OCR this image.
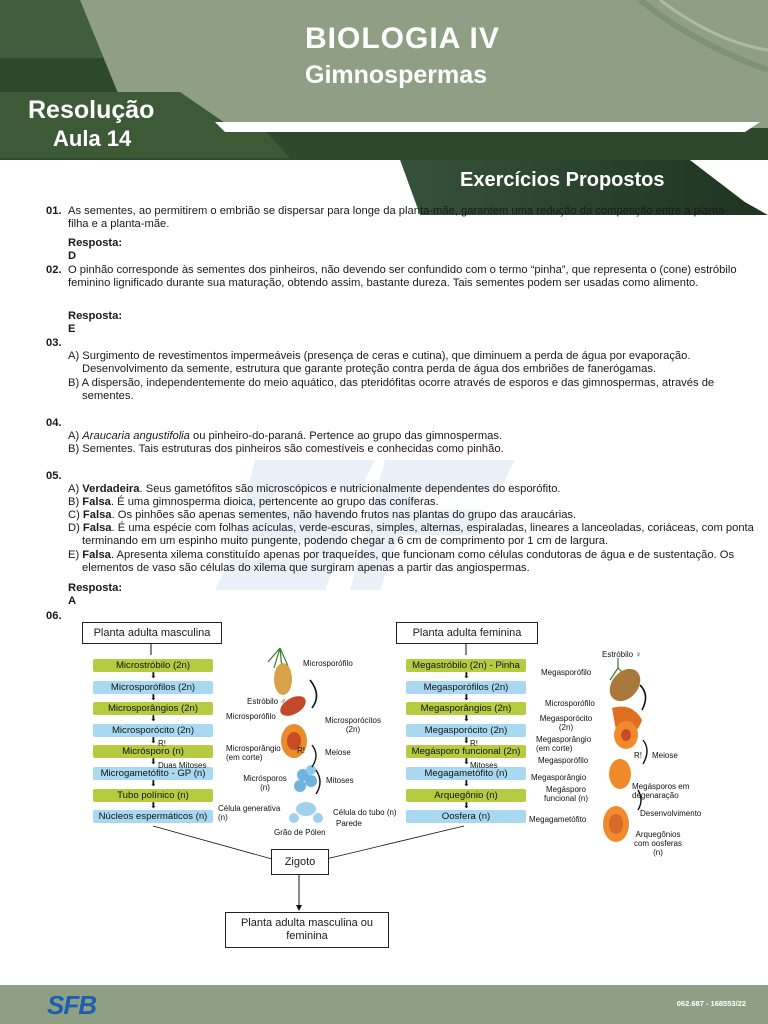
BIOLOGIA IV
Gimnospermas
Resolução
Aula 14
Exercícios Propostos
01. As sementes, ao permitirem o embrião se dispersar para longe da planta-mãe, garantem uma redução da competição entre a planta-filha e a planta-mãe.
Resposta: D
02. O pinhão corresponde às sementes dos pinheiros, não devendo ser confundido com o termo “pinha”, que representa o (cone) estróbilo feminino lignificado durante sua maturação, obtendo assim, bastante dureza. Tais sementes podem ser usadas como alimento.
Resposta: E
03.
A) Surgimento de revestimentos impermeáveis (presença de ceras e cutina), que diminuem a perda de água por evaporação. Desenvolvimento da semente, estrutura que garante proteção contra perda de água dos embriões de fanerógamas.
B) A dispersão, independentemente do meio aquático, das pteridófitas ocorre através de esporos e das gimnospermas, através de sementes.
04.
A) Araucaria angustifolia ou pinheiro-do-paraná. Pertence ao grupo das gimnospermas.
B) Sementes. Tais estruturas dos pinheiros são comestíveis e conhecidas como pinhão.
05.
A) Verdadeira. Seus gametófitos são microscópicos e nutricionalmente dependentes do esporófito.
B) Falsa. É uma gimnosperma dioica, pertencente ao grupo das coníferas.
C) Falsa. Os pinhões são apenas sementes, não havendo frutos nas plantas do grupo das araucárias.
D) Falsa. É uma espécie com folhas acículas, verde-escuras, simples, alternas, espiraladas, lineares a lanceoladas, coriáceas, com ponta terminando em um espinho muito pungente, podendo chegar a 6 cm de comprimento por 1 cm de largura.
E) Falsa. Apresenta xilema constituído apenas por traqueídes, que funcionam como células condutoras de água e de sustentação. Os elementos de vaso são células do xilema que surgiram apenas a partir das angiospermas.
Resposta: A
06.
Planta adulta masculina	Planta adulta feminina
Microstróbilo (2n)
⬇
Microsporófilos (2n)
⬇
Microsporângios (2n)
⬇
Microsporócito (2n)
⬇
Micrósporo (n)
⬇
Microgametófito - GP (n)
⬇
Tubo polínico (n)
⬇
Núcleos espermáticos (n)
Megastróbilo (2n) - Pinha
⬇
Megasporófilos (2n)
⬇
Megasporângios (2n)
⬇
Megasporócito (2n)
⬇
Megásporo funcional (2n)
⬇
Megagametófito (n)
⬇
Arquegônio (n)
⬇
Oosfera (n)
R!
Duas Mitoses
R!
Mitoses
Zigoto
Planta adulta masculina ou feminina
Microsporófilo
Estróbilo ♂
Microsporófilo	Microsporócitos (2n)
Microsporângio (em corte)
R!	Meiose
Micrósporos (n)
Mitoses
Célula generativa (n)
Célula do tubo (n)
Parede
Grão de Pólen
Estróbilo ♀
Megasporófilo
Microsporófilo
Megasporócito (2n)
Megasporângio (em corte)
Megasporófilo
R! Meiose
Megasporângio
Megásporo funcional (n)
Megásporos em degenaração
Desenvolvimento
Megagametófito
Arquegônios com oosferas (n)
SFB	062.687 - 168553/22
